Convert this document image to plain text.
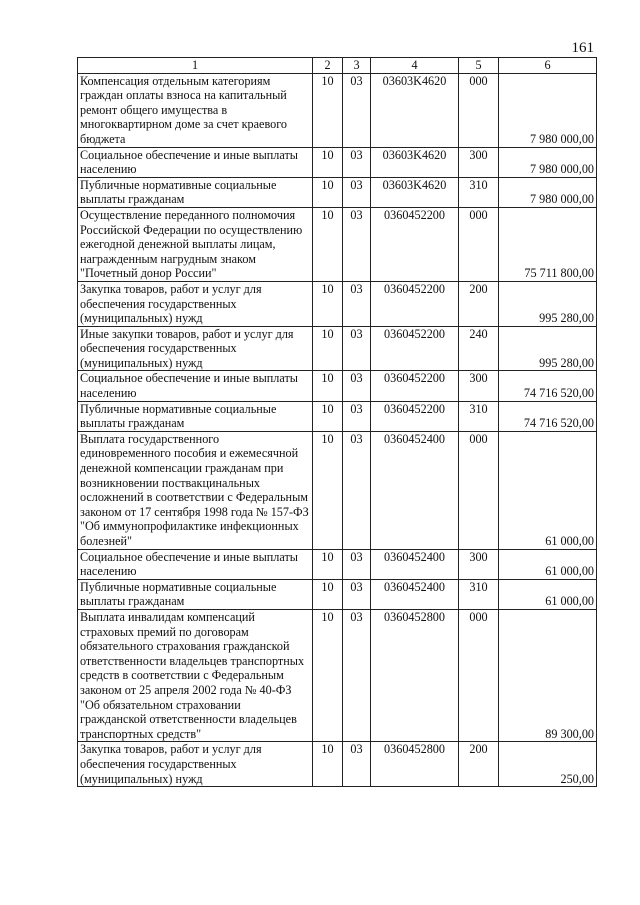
161
1	2	3	4	5	6
Компенсация отдельным категориям граждан оплаты взноса на капитальный ремонт общего имущества в многоквартирном доме за счет краевого бюджета	10	03	03603K4620	000	7 980 000,00
Социальное обеспечение и иные выплаты населению	10	03	03603K4620	300	7 980 000,00
Публичные нормативные социальные выплаты гражданам	10	03	03603K4620	310	7 980 000,00
Осуществление переданного полномочия Российской Федерации по осуществлению ежегодной денежной выплаты лицам, награжденным нагрудным знаком "Почетный донор России"	10	03	0360452200	000	75 711 800,00
Закупка товаров, работ и услуг для обеспечения государственных (муниципальных) нужд	10	03	0360452200	200	995 280,00
Иные закупки товаров, работ и услуг для обеспечения государственных (муниципальных) нужд	10	03	0360452200	240	995 280,00
Социальное обеспечение и иные выплаты населению	10	03	0360452200	300	74 716 520,00
Публичные нормативные социальные выплаты гражданам	10	03	0360452200	310	74 716 520,00
Выплата государственного единовременного пособия и ежемесячной денежной компенсации гражданам при возникновении поствакцинальных осложнений в соответствии с Федеральным законом от 17 сентября 1998 года № 157-ФЗ "Об иммунопрофилактике инфекционных болезней"	10	03	0360452400	000	61 000,00
Социальное обеспечение и иные выплаты населению	10	03	0360452400	300	61 000,00
Публичные нормативные социальные выплаты гражданам	10	03	0360452400	310	61 000,00
Выплата инвалидам компенсаций страховых премий по договорам обязательного страхования гражданской ответственности владельцев транспортных средств в соответствии с Федеральным законом от 25 апреля 2002 года № 40-ФЗ "Об обязательном страховании гражданской ответственности владельцев транспортных средств"	10	03	0360452800	000	89 300,00
Закупка товаров, работ и услуг для обеспечения государственных (муниципальных) нужд	10	03	0360452800	200	250,00
